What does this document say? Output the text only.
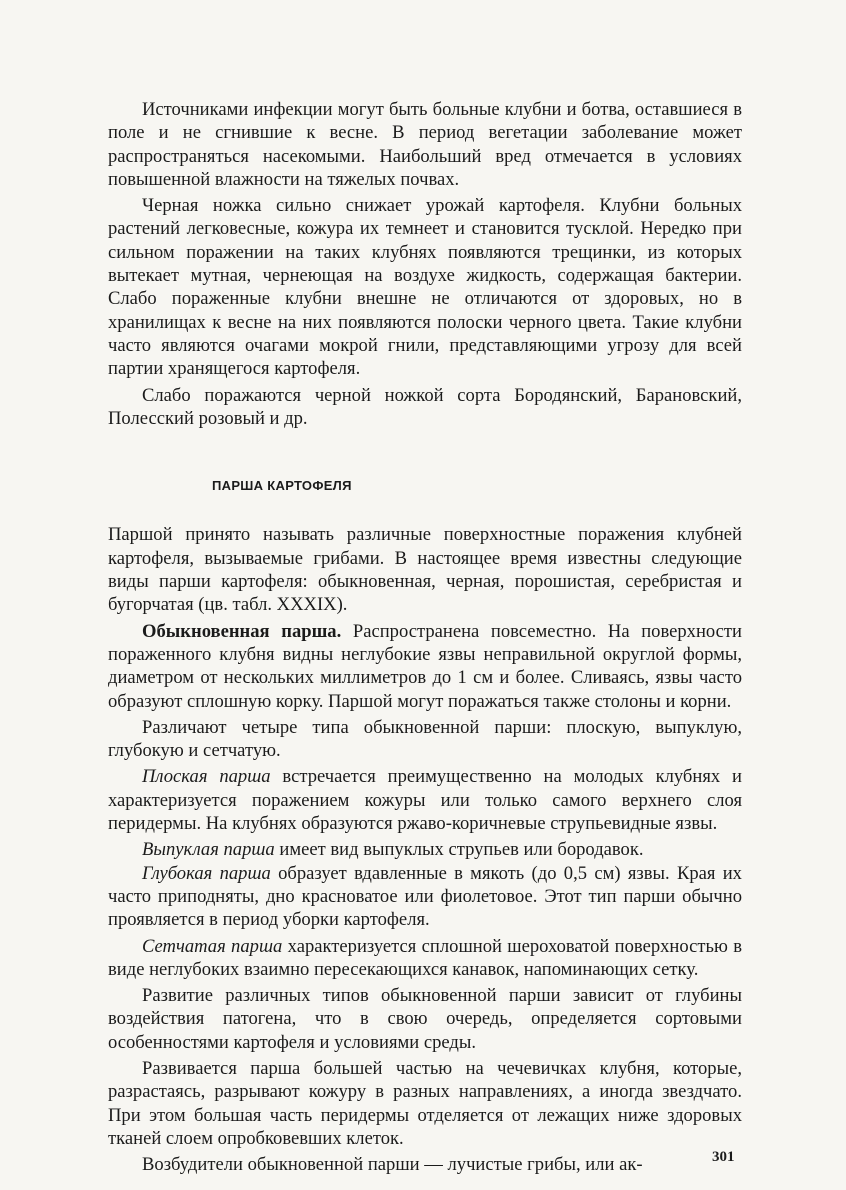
Источниками инфекции могут быть больные клубни и ботва, оставшиеся в поле и не сгнившие к весне. В период вегетации заболевание может распространяться насекомыми. Наибольший вред отмечается в условиях повышенной влажности на тяжелых почвах.

Черная ножка сильно снижает урожай картофеля. Клубни больных растений легковесные, кожура их темнеет и становится тусклой. Нередко при сильном поражении на таких клубнях появляются трещинки, из которых вытекает мутная, чернеющая на воздухе жидкость, содержащая бактерии. Слабо пораженные клубни внешне не отличаются от здоровых, но в хранилищах к весне на них появляются полоски черного цвета. Такие клубни часто являются очагами мокрой гнили, представляющими угрозу для всей партии хранящегося картофеля.

Слабо поражаются черной ножкой сорта Бородянский, Барановский, Полесский розовый и др.

ПАРША КАРТОФЕЛЯ

Паршой принято называть различные поверхностные поражения клубней картофеля, вызываемые грибами. В настоящее время известны следующие виды парши картофеля: обыкновенная, черная, порошистая, серебристая и бугорчатая (цв. табл. XXXIX).

Обыкновенная парша. Распространена повсеместно. На поверхности пораженного клубня видны неглубокие язвы неправильной округлой формы, диаметром от нескольких миллиметров до 1 см и более. Сливаясь, язвы часто образуют сплошную корку. Паршой могут поражаться также столоны и корни.

Различают четыре типа обыкновенной парши: плоскую, выпуклую, глубокую и сетчатую.

Плоская парша встречается преимущественно на молодых клубнях и характеризуется поражением кожуры или только самого верхнего слоя перидермы. На клубнях образуются ржаво-коричневые струпьевидные язвы.

Выпуклая парша имеет вид выпуклых струпьев или бородавок.

Глубокая парша образует вдавленные в мякоть (до 0,5 см) язвы. Края их часто приподняты, дно красноватое или фиолетовое. Этот тип парши обычно проявляется в период уборки картофеля.

Сетчатая парша характеризуется сплошной шероховатой поверхностью в виде неглубоких взаимно пересекающихся канавок, напоминающих сетку.

Развитие различных типов обыкновенной парши зависит от глубины воздействия патогена, что в свою очередь, определяется сортовыми особенностями картофеля и условиями среды.

Развивается парша большей частью на чечевичках клубня, которые, разрастаясь, разрывают кожуру в разных направлениях, а иногда звездчато. При этом большая часть перидермы отделяется от лежащих ниже здоровых тканей слоем опробковевших клеток.

Возбудители обыкновенной парши — лучистые грибы, или ак-	301
